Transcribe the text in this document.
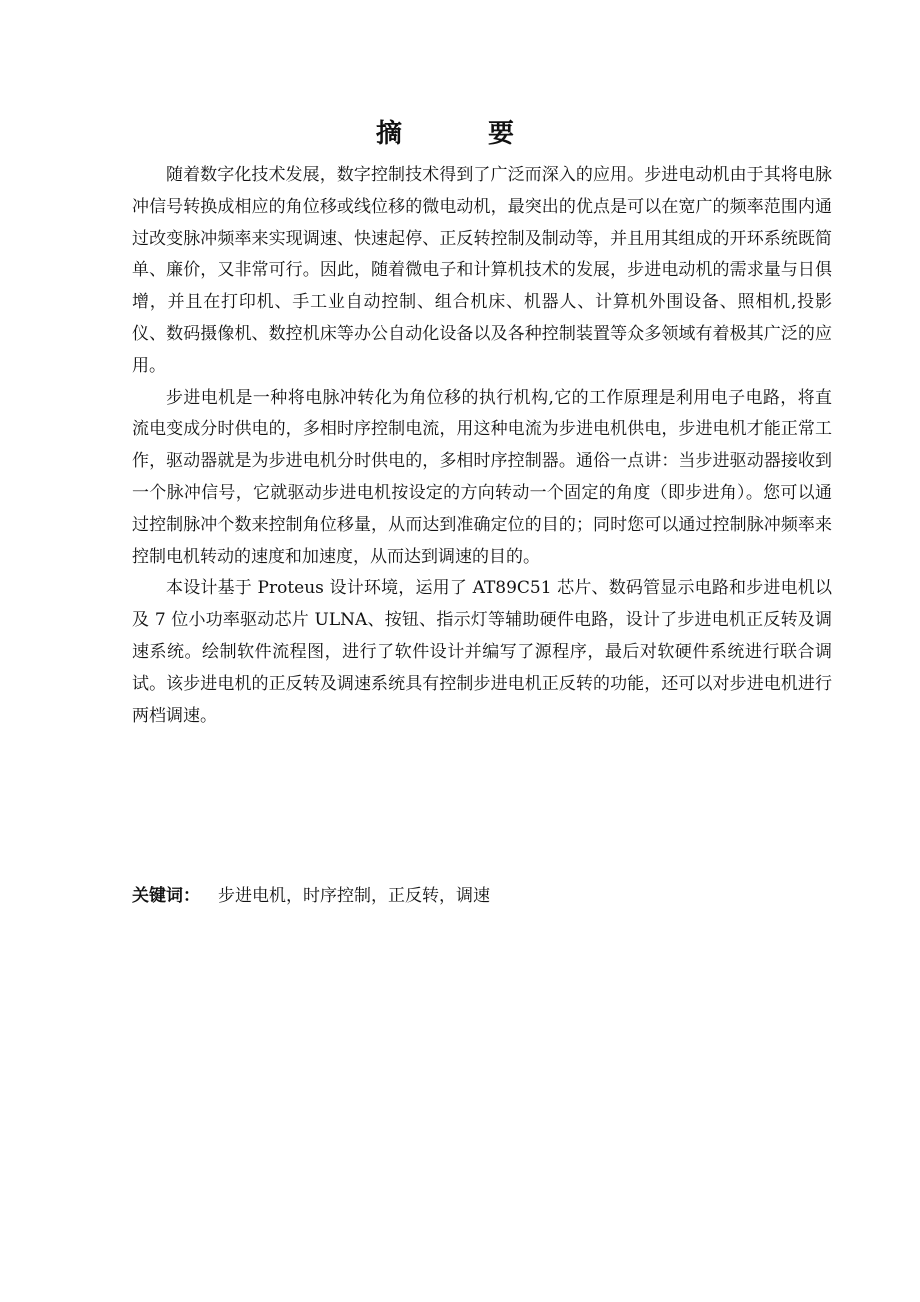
摘　要

随着数字化技术发展，数字控制技术得到了广泛而深入的应用。步进电动机由于其将电脉冲信号转换成相应的角位移或线位移的微电动机，最突出的优点是可以在宽广的频率范围内通过改变脉冲频率来实现调速、快速起停、正反转控制及制动等，并且用其组成的开环系统既简单、廉价，又非常可行。因此，随着微电子和计算机技术的发展，步进电动机的需求量与日俱增，并且在打印机、手工业自动控制、组合机床、机器人、计算机外围设备、照相机,投影仪、数码摄像机、数控机床等办公自动化设备以及各种控制装置等众多领域有着极其广泛的应用。

步进电机是一种将电脉冲转化为角位移的执行机构,它的工作原理是利用电子电路，将直流电变成分时供电的，多相时序控制电流，用这种电流为步进电机供电，步进电机才能正常工作，驱动器就是为步进电机分时供电的，多相时序控制器。通俗一点讲：当步进驱动器接收到一个脉冲信号，它就驱动步进电机按设定的方向转动一个固定的角度（即步进角）。您可以通过控制脉冲个数来控制角位移量，从而达到准确定位的目的；同时您可以通过控制脉冲频率来控制电机转动的速度和加速度，从而达到调速的目的。

本设计基于 Proteus 设计环境，运用了 AT89C51 芯片、数码管显示电路和步进电机以及 7 位小功率驱动芯片 ULNA、按钮、指示灯等辅助硬件电路，设计了步进电机正反转及调速系统。绘制软件流程图，进行了软件设计并编写了源程序，最后对软硬件系统进行联合调试。该步进电机的正反转及调速系统具有控制步进电机正反转的功能，还可以对步进电机进行两档调速。

关键词： 步进电机，时序控制，正反转，调速
